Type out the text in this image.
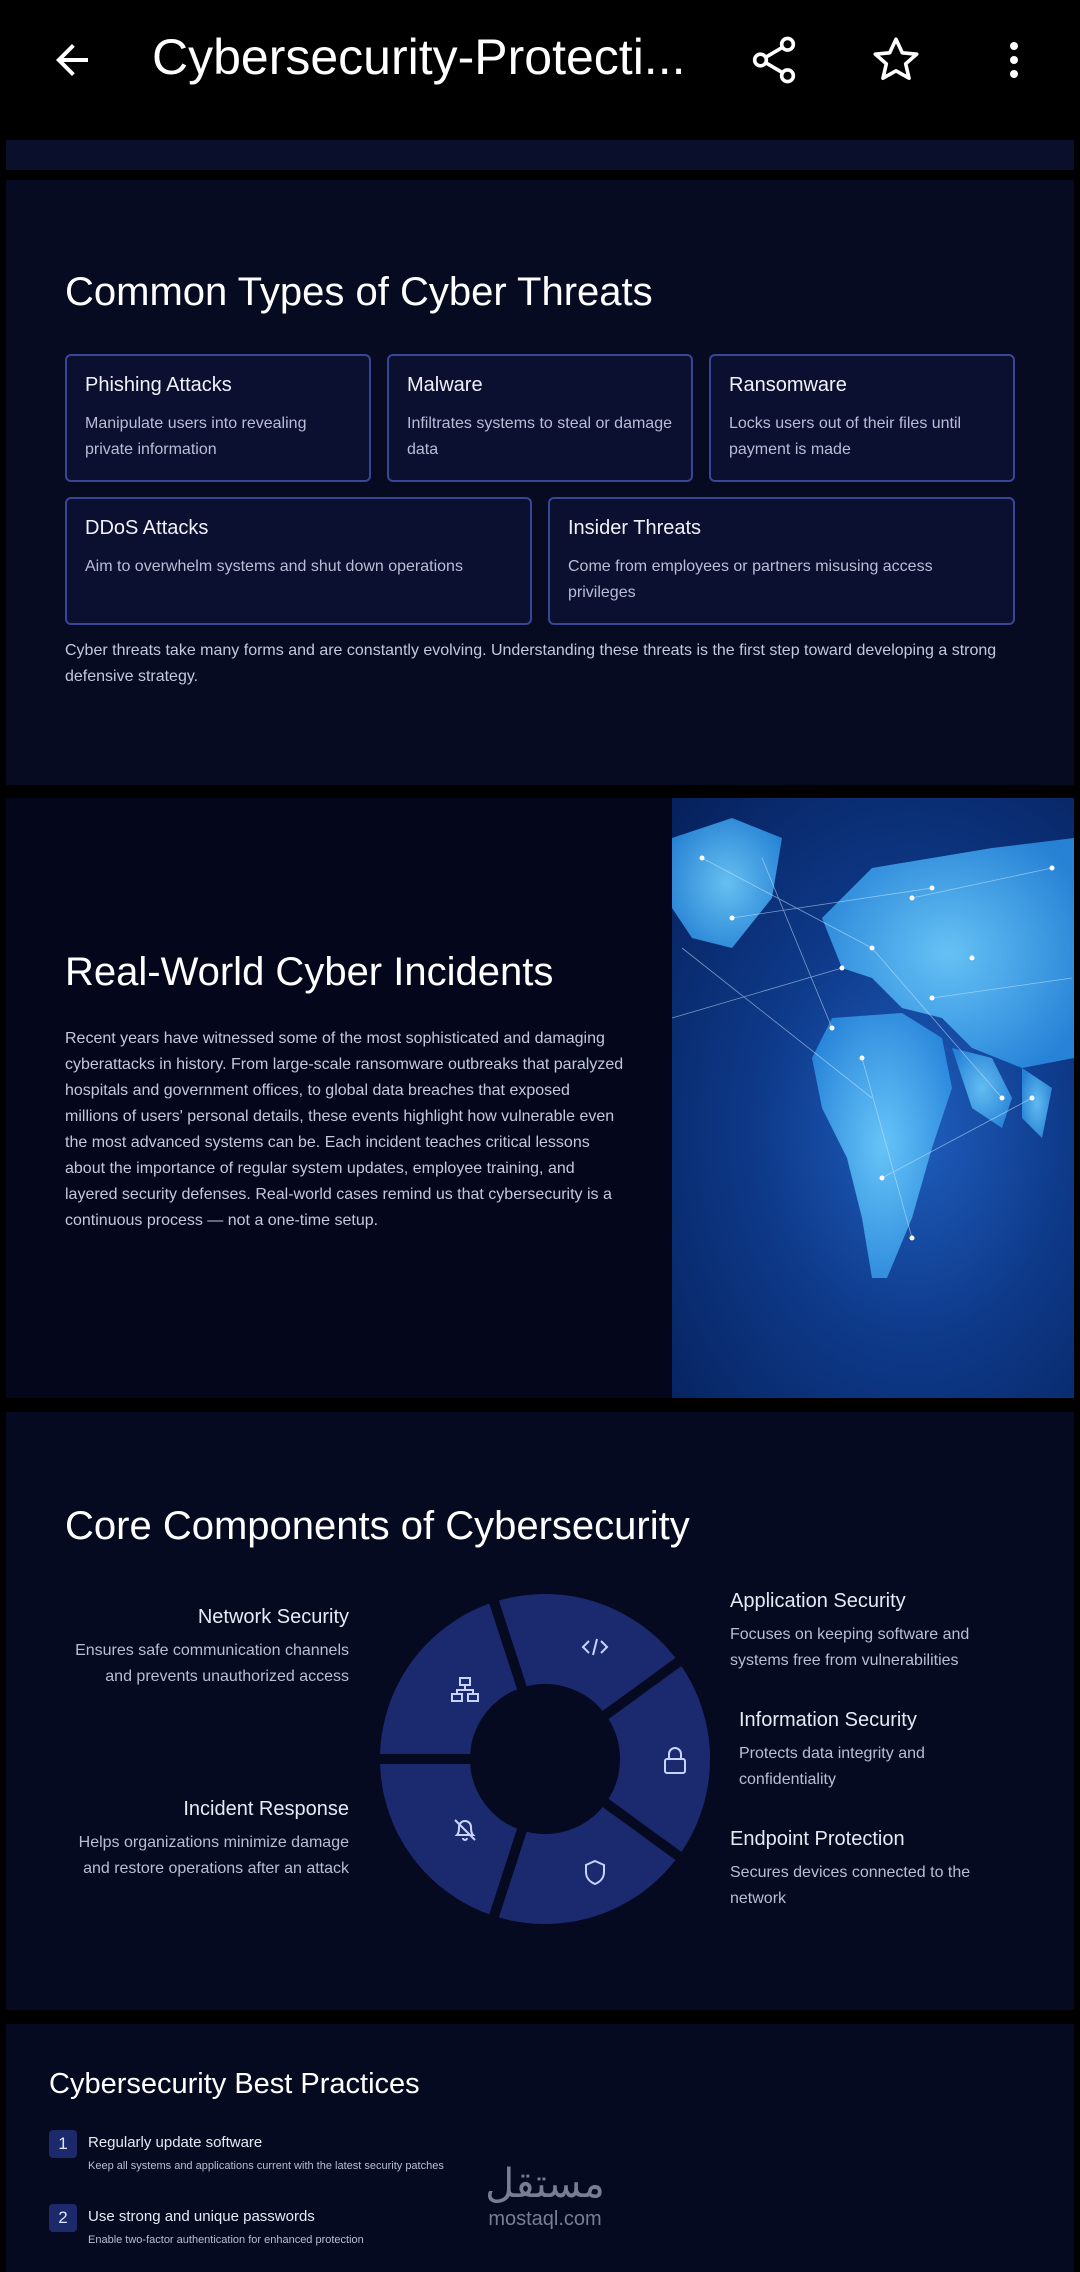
Cybersecurity-Protecti...
Common Types of Cyber Threats
Phishing Attacks
Manipulate users into revealing private information
Malware
Infiltrates systems to steal or damage data
Ransomware
Locks users out of their files until payment is made
DDoS Attacks
Aim to overwhelm systems and shut down operations
Insider Threats
Come from employees or partners misusing access privileges
Cyber threats take many forms and are constantly evolving. Understanding these threats is the first step toward developing a strong defensive strategy.
Real-World Cyber Incidents
Recent years have witnessed some of the most sophisticated and damaging cyberattacks in history. From large-scale ransomware outbreaks that paralyzed hospitals and government offices, to global data breaches that exposed millions of users' personal details, these events highlight how vulnerable even the most advanced systems can be. Each incident teaches critical lessons about the importance of regular system updates, employee training, and layered security defenses. Real-world cases remind us that cybersecurity is a continuous process — not a one-time setup.
Core Components of Cybersecurity
Network Security
Ensures safe communication channels and prevents unauthorized access
Incident Response
Helps organizations minimize damage and restore operations after an attack
Application Security
Focuses on keeping software and systems free from vulnerabilities
Information Security
Protects data integrity and confidentiality
Endpoint Protection
Secures devices connected to the network
Cybersecurity Best Practices
1	Regularly update software
Keep all systems and applications current with the latest security patches
2	Use strong and unique passwords
Enable two-factor authentication for enhanced protection
مستقل
mostaql.com
